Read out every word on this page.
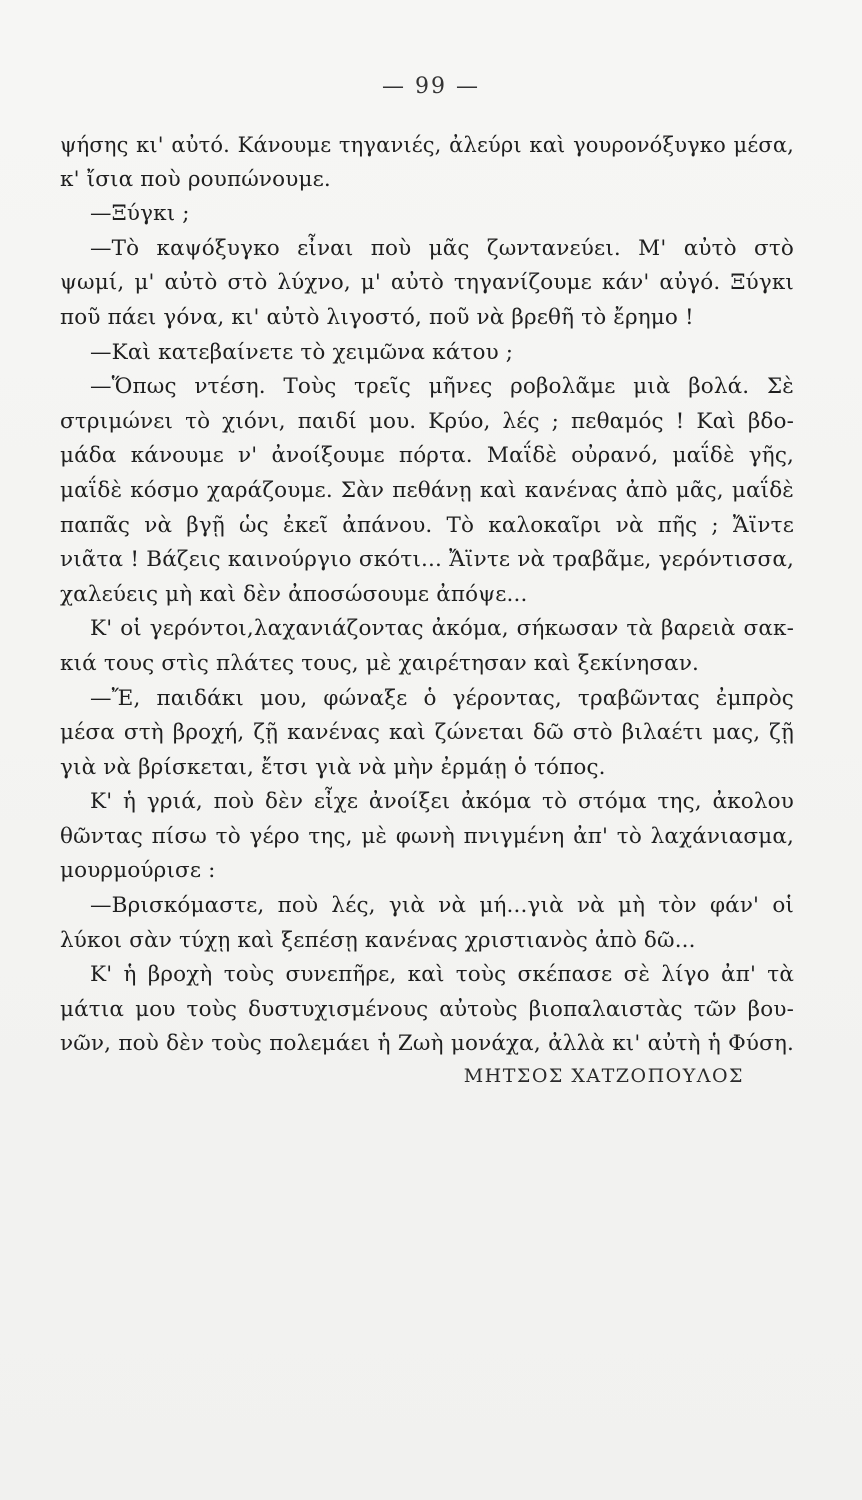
— 99 —
ψήσης κι' αὐτό. Κάνουμε τηγανιές, ἀλεύρι καὶ γουρονόξυγκο μέσα,
κ' ἴσια ποὺ ρουπώνουμε.
—Ξύγκι ;
—Τὸ καψόξυγκο εἶναι ποὺ μᾶς ζωντανεύει. Μ' αὐτὸ στὸ
ψωμί, μ' αὐτὸ στὸ λύχνο, μ' αὐτὸ τηγανίζουμε κάν' αὐγό. Ξύγκι
ποῦ πάει γόνα, κι' αὐτὸ λιγοστό, ποῦ νὰ βρεθῆ τὸ ἔρημο !
—Καὶ κατεβαίνετε τὸ χειμῶνα κάτου ;
—Ὅπως ντέση. Τοὺς τρεῖς μῆνες ροβολᾶμε μιὰ βολά. Σὲ
στριμώνει τὸ χιόνι, παιδί μου. Κρύο, λές ; πεθαμός ! Καὶ βδο-
μάδα κάνουμε ν' ἀνοίξουμε πόρτα. Μαΐδὲ οὐρανό, μαΐδὲ γῆς,
μαΐδὲ κόσμο χαράζουμε. Σὰν πεθάνῃ καὶ κανένας ἀπὸ μᾶς, μαΐδὲ
παπᾶς νὰ βγῇ ὡς ἐκεῖ ἀπάνου. Τὸ καλοκαῖρι νὰ πῆς ; Ἄϊντε
νιᾶτα ! Βάζεις καινούργιο σκότι... Ἄϊντε νὰ τραβᾶμε, γερόντισσα,
χαλεύεις μὴ καὶ δὲν ἀποσώσουμε ἀπόψε...
Κ' οἱ γερόντοι,λαχανιάζοντας ἀκόμα, σήκωσαν τὰ βαρειὰ σακ-
κιά τους στὶς πλάτες τους, μὲ χαιρέτησαν καὶ ξεκίνησαν.
—Ἔ, παιδάκι μου, φώναξε ὁ γέροντας, τραβῶντας ἐμπρὸς
μέσα στὴ βροχή, ζῇ κανένας καὶ ζώνεται δῶ στὸ βιλαέτι μας, ζῇ
γιὰ νὰ βρίσκεται, ἔτσι γιὰ νὰ μὴν ἐρμάῃ ὁ τόπος.
Κ' ἡ γριά, ποὺ δὲν εἶχε ἀνοίξει ἀκόμα τὸ στόμα της, ἀκολου
θῶντας πίσω τὸ γέρο της, μὲ φωνὴ πνιγμένη ἀπ' τὸ λαχάνιασμα,
μουρμούρισε :
—Βρισκόμαστε, ποὺ λές, γιὰ νὰ μή...γιὰ νὰ μὴ τὸν φάν' οἱ
λύκοι σὰν τύχῃ καὶ ξεπέσῃ κανένας χριστιανὸς ἀπὸ δῶ...
Κ' ἡ βροχὴ τοὺς συνεπῆρε, καὶ τοὺς σκέπασε σὲ λίγο ἀπ' τὰ
μάτια μου τοὺς δυστυχισμένους αὐτοὺς βιοπαλαιστὰς τῶν βου-
νῶν, ποὺ δὲν τοὺς πολεμάει ἡ Ζωὴ μονάχα, ἀλλὰ κι' αὐτὴ ἡ Φύση.
ΜΗΤΣΟΣ ΧΑΤΖΟΠΟΥΛΟΣ
